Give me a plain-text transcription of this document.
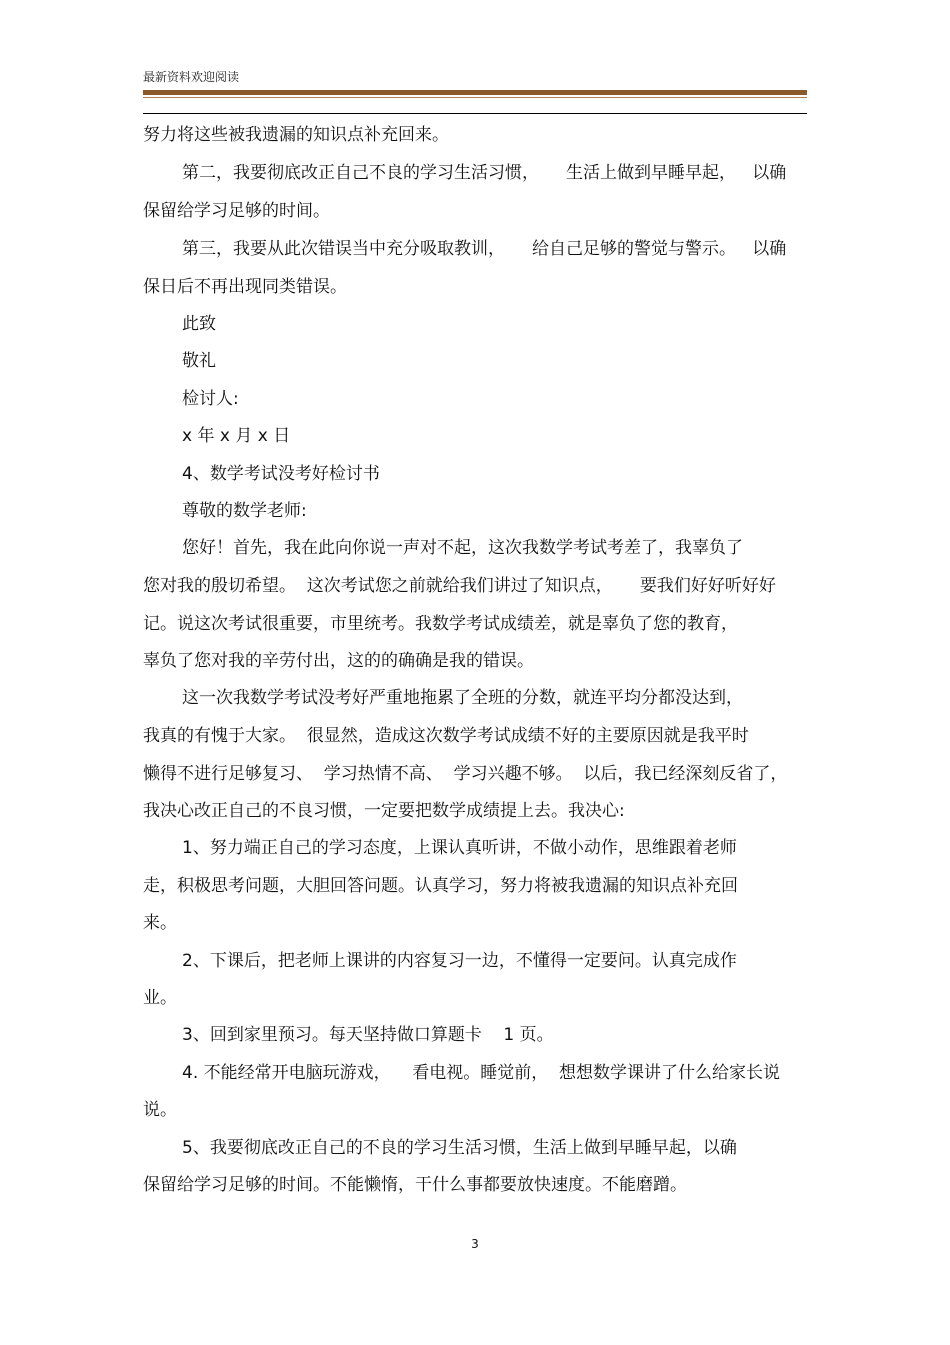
最新资料欢迎阅读
努力将这些被我遗漏的知识点补充回来。
第二，我要彻底改正自己不良的学习生活习惯，     生活上做到早睡早起，   以确
保留给学习足够的时间。
第三，我要从此次错误当中充分吸取教训，     给自己足够的警觉与警示。   以确
保日后不再出现同类错误。
此致
敬礼
检讨人:
x 年 x 月 x 日
4、数学考试没考好检讨书
尊敬的数学老师:
您好！首先，我在此向你说一声对不起，这次我数学考试考差了，我辜负了
您对我的殷切希望。  这次考试您之前就给我们讲过了知识点，     要我们好好听好好
记。说这次考试很重要，市里统考。我数学考试成绩差，就是辜负了您的教育，
辜负了您对我的辛劳付出，这的的确确是我的错误。
这一次我数学考试没考好严重地拖累了全班的分数，就连平均分都没达到，
我真的有愧于大家。  很显然，造成这次数学考试成绩不好的主要原因就是我平时
懒得不进行足够复习、  学习热情不高、  学习兴趣不够。  以后，我已经深刻反省了，
我决心改正自己的不良习惯，一定要把数学成绩提上去。我决心:
1、努力端正自己的学习态度，上课认真听讲，不做小动作，思维跟着老师
走，积极思考问题，大胆回答问题。认真学习，努力将被我遗漏的知识点补充回
来。
2、下课后，把老师上课讲的内容复习一边，不懂得一定要问。认真完成作
业。
3、回到家里预习。每天坚持做口算题卡    1 页。
4. 不能经常开电脑玩游戏，    看电视。睡觉前，  想想数学课讲了什么给家长说
说。
5、我要彻底改正自己的不良的学习生活习惯，生活上做到早睡早起，以确
保留给学习足够的时间。不能懒惰，干什么事都要放快速度。不能磨蹭。
3
